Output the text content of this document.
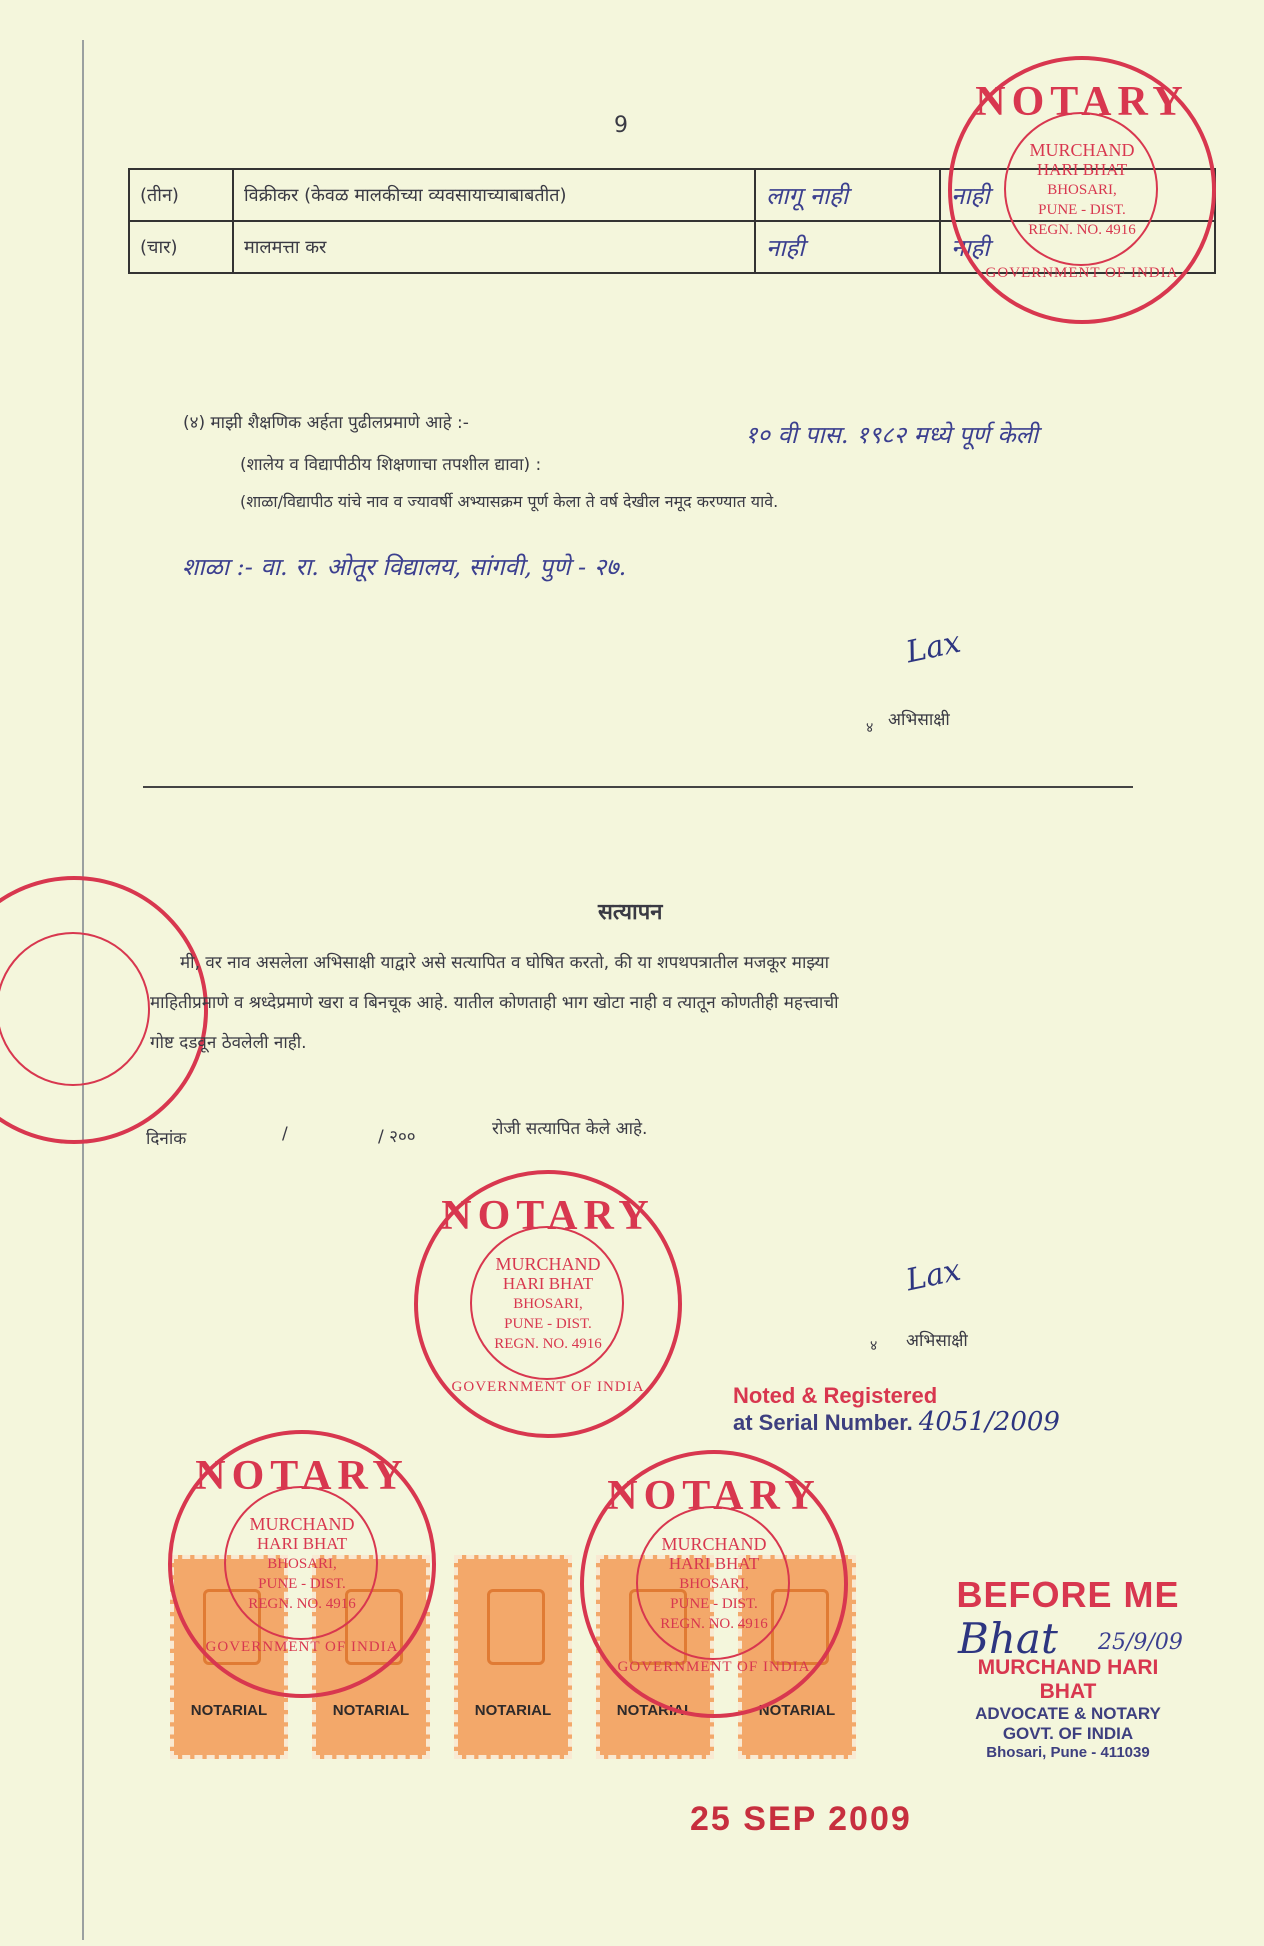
9
(तीन)	विक्रीकर (केवळ मालकीच्या व्यवसायाच्याबाबतीत)	लागू नाही	नाही
(चार)	मालमत्ता कर	नाही	नाही
NOTARY
MURCHAND
HARI BHAT
BHOSARI,
PUNE - DIST.
REGN. NO. 4916
GOVERNMENT OF INDIA
(४) माझी शैक्षणिक अर्हता पुढीलप्रमाणे आहे :-
(शालेय व विद्यापीठीय शिक्षणाचा तपशील द्यावा) :
१० वी पास. १९८२ मध्ये पूर्ण केली
(शाळा/विद्यापीठ यांचे नाव व ज्यावर्षी अभ्यासक्रम पूर्ण केला ते वर्ष देखील नमूद करण्यात यावे.
शाळा :- वा. रा. ओतूर विद्यालय, सांगवी, पुणे - २७.
Lax
४ अभिसाक्षी
सत्यापन
मी, वर नाव असलेला अभिसाक्षी याद्वारे असे सत्यापित व घोषित करतो, की या शपथपत्रातील मजकूर माझ्या
माहितीप्रमाणे व श्रध्देप्रमाणे खरा व बिनचूक आहे. यातील कोणताही भाग खोटा नाही व त्यातून कोणतीही महत्त्वाची
गोष्ट दडवून ठेवलेली नाही.
दिनांक	/	/ २००	रोजी सत्यापित केले आहे.
NOTARY
MURCHAND
HARI BHAT
BHOSARI,
PUNE - DIST.
REGN. NO. 4916
GOVERNMENT OF INDIA
Lax
४ अभिसाक्षी
Noted & Registered
at Serial Number. 4051/2009
NOTARIAL	NOTARIAL	NOTARIAL	NOTARIAL	NOTARIAL
NOTARY
MURCHAND
HARI BHAT
BHOSARI,
PUNE - DIST.
REGN. NO. 4916
GOVERNMENT OF INDIA
NOTARY
MURCHAND
HARI BHAT
BHOSARI,
PUNE - DIST.
REGN. NO. 4916
GOVERNMENT OF INDIA
BEFORE ME
Bhat 25/9/09
MURCHAND HARI BHAT
ADVOCATE & NOTARY
GOVT. OF INDIA
Bhosari, Pune - 411039
25 SEP 2009
